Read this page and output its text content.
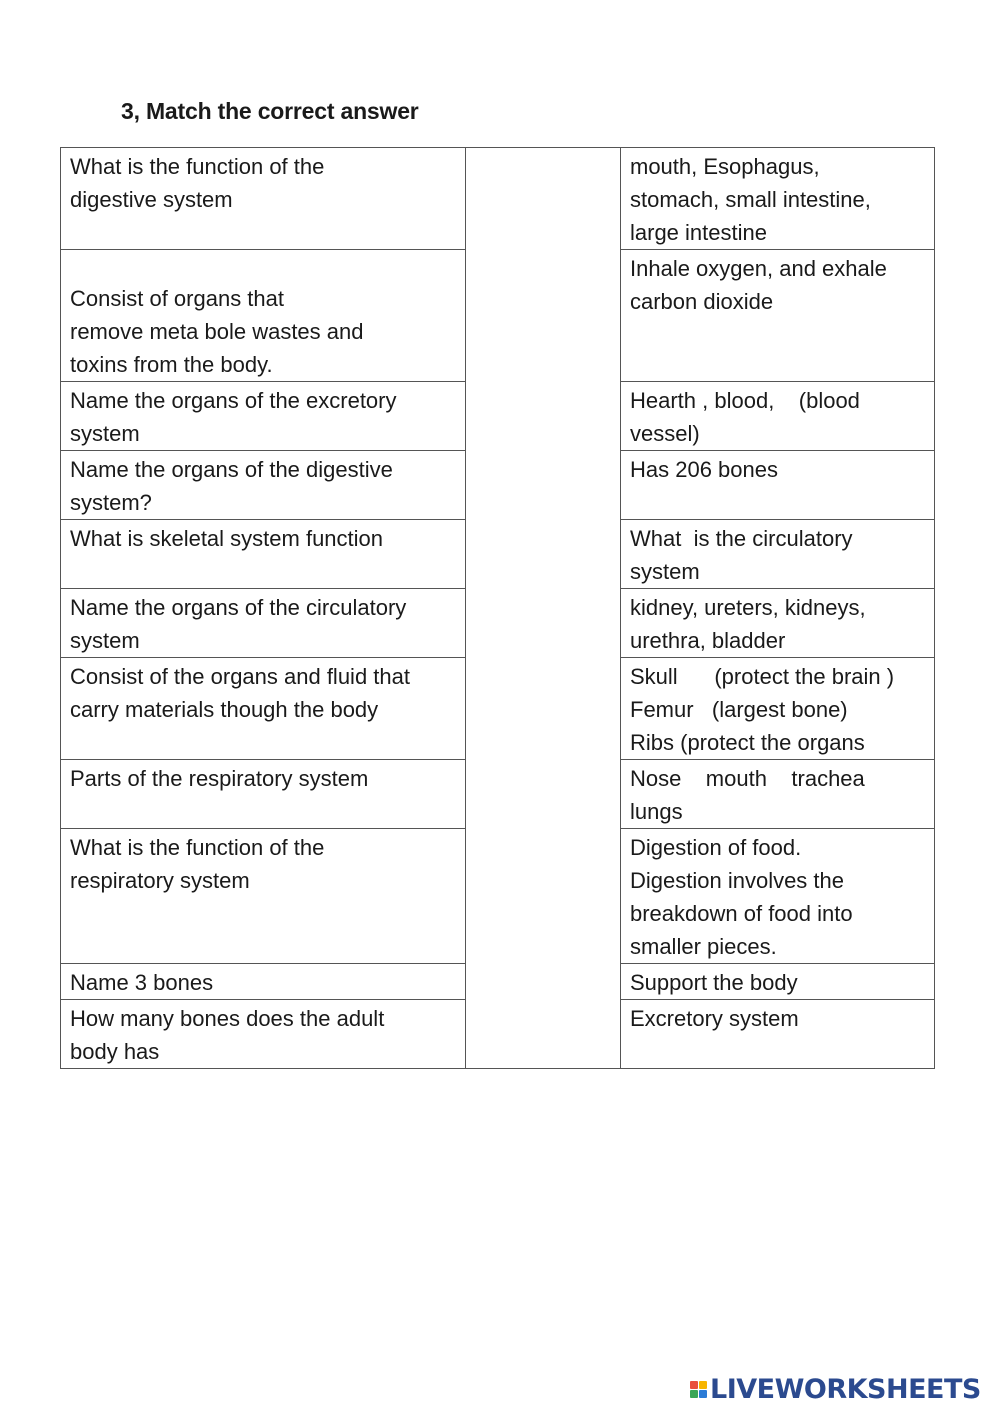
3, Match the correct answer
What is the function of the
digestive system		mouth, Esophagus,
stomach, small intestine,
large intestine

Consist of organs that
remove meta bole wastes and
toxins from the body.		Inhale oxygen, and exhale
carbon dioxide

Name the organs of the excretory
system		Hearth , blood,    (blood
vessel)

Name the organs of the digestive
system?		Has 206 bones

What is skeletal system function		What  is the circulatory
system

Name the organs of the circulatory
system		kidney, ureters, kidneys,
urethra, bladder

Consist of the organs and fluid that
carry materials though the body		Skull      (protect the brain )
Femur   (largest bone)
Ribs (protect the organs

Parts of the respiratory system		Nose    mouth    trachea
lungs

What is the function of the
respiratory system		Digestion of food.
Digestion involves the
breakdown of food into
smaller pieces.

Name 3 bones		Support the body

How many bones does the adult
body has		Excretory system
LIVEWORKSHEETS
